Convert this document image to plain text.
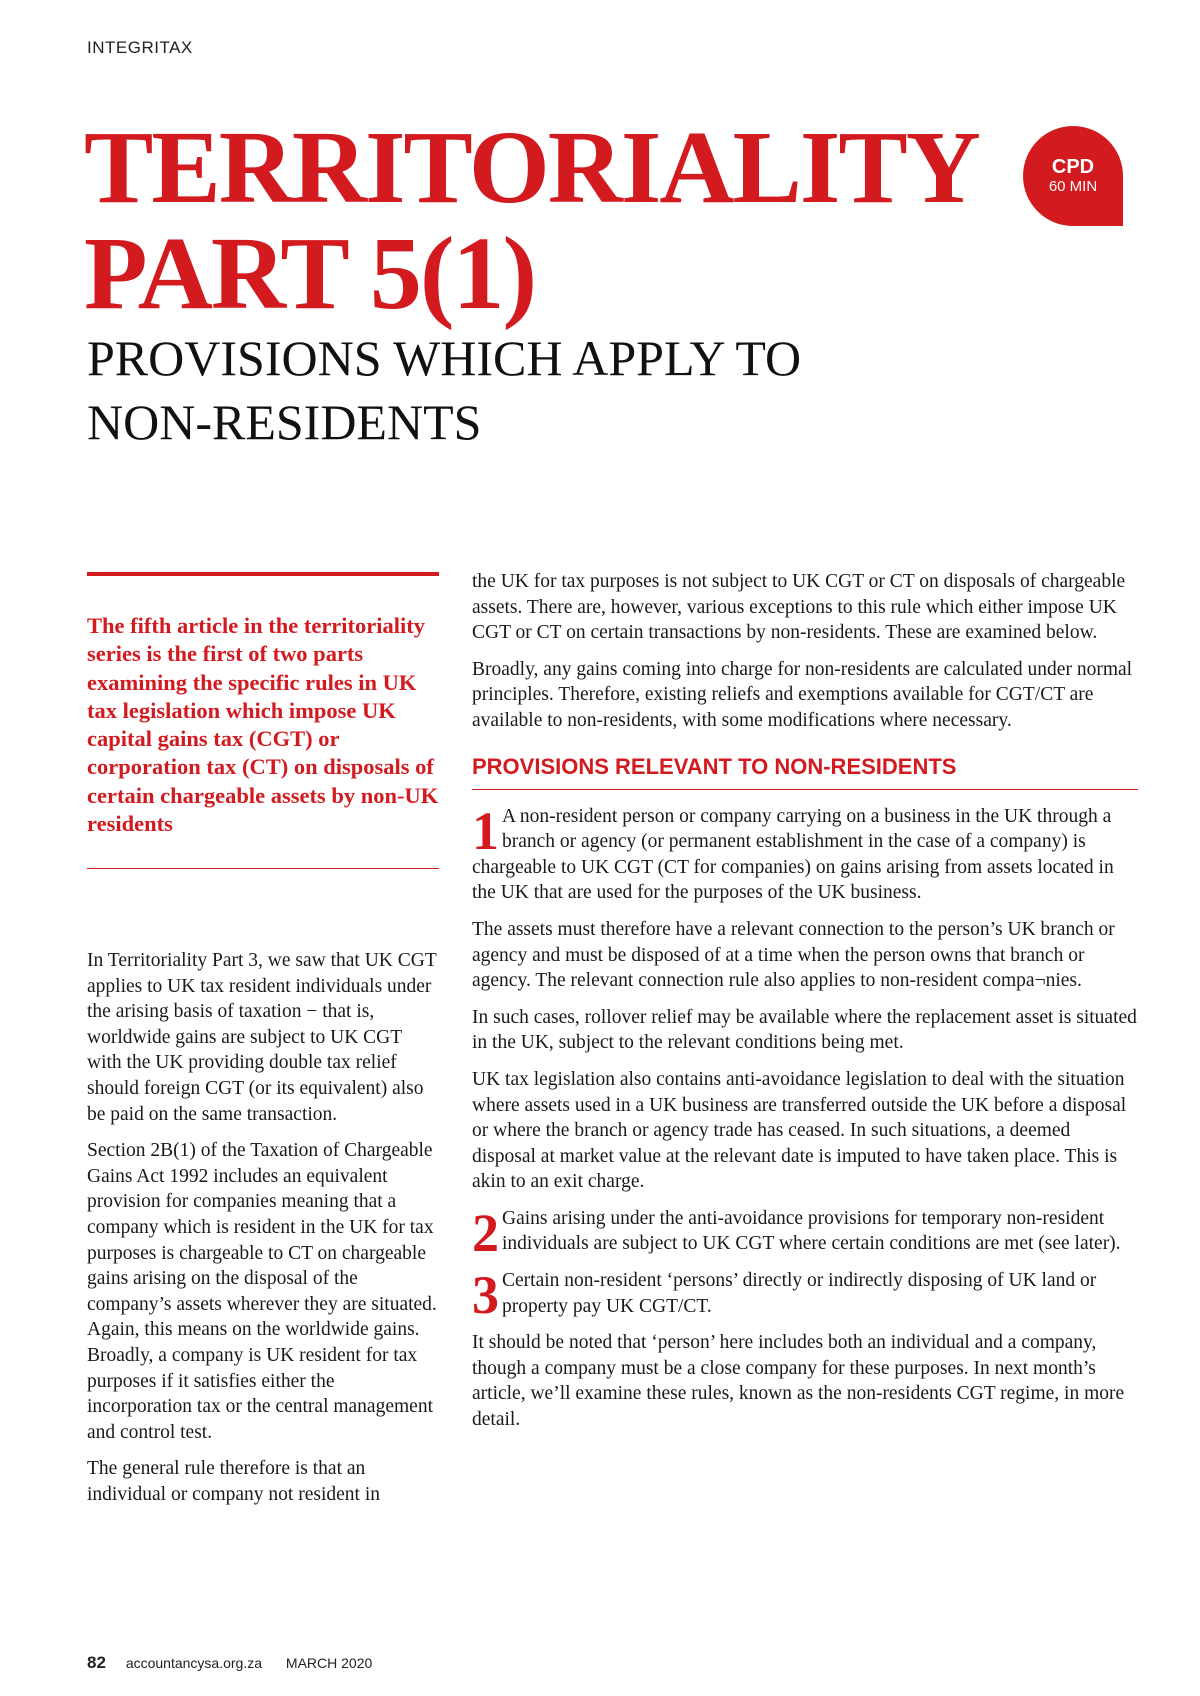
INTEGRITAX
TERRITORIALITY
PART 5(1)
CPD
60 MIN
PROVISIONS WHICH APPLY TO
NON-RESIDENTS
The fifth article in the territoriality series is the first of two parts examining the specific rules in UK tax legislation which impose UK capital gains tax (CGT) or corporation tax (CT) on disposals of certain chargeable assets by non-UK residents

In Territoriality Part 3, we saw that UK CGT applies to UK tax resident individuals under the arising basis of taxation − that is, worldwide gains are subject to UK CGT with the UK providing double tax relief should foreign CGT (or its equivalent) also be paid on the same transaction.

Section 2B(1) of the Taxation of Chargeable Gains Act 1992 includes an equivalent provision for companies meaning that a company which is resident in the UK for tax purposes is chargeable to CT on chargeable gains arising on the disposal of the company’s assets wherever they are situated. Again, this means on the worldwide gains. Broadly, a company is UK resident for tax purposes if it satisfies either the incorporation tax or the central management and control test.

The general rule therefore is that an individual or company not resident in

the UK for tax purposes is not subject to UK CGT or CT on disposals of chargeable assets. There are, however, various exceptions to this rule which either impose UK CGT or CT on certain transactions by non-residents. These are examined below.

Broadly, any gains coming into charge for non-residents are calculated under normal principles. Therefore, existing reliefs and exemptions available for CGT/CT are available to non-residents, with some modifications where necessary.

PROVISIONS RELEVANT TO NON-RESIDENTS

1 A non-resident person or company carrying on a business in the UK through a branch or agency (or permanent establishment in the case of a company) is chargeable to UK CGT (CT for companies) on gains arising from assets located in the UK that are used for the purposes of the UK business.

The assets must therefore have a relevant connection to the person’s UK branch or agency and must be disposed of at a time when the person owns that branch or agency. The relevant connection rule also applies to non-resident compa¬nies.

In such cases, rollover relief may be available where the replacement asset is situated in the UK, subject to the relevant conditions being met.

UK tax legislation also contains anti-avoidance legislation to deal with the situation where assets used in a UK business are transferred outside the UK before a disposal or where the branch or agency trade has ceased. In such situations, a deemed disposal at market value at the relevant date is imputed to have taken place. This is akin to an exit charge.

2 Gains arising under the anti-avoidance provisions for temporary non-resident individuals are subject to UK CGT where certain conditions are met (see later).

3 Certain non-resident ‘persons’ directly or indirectly disposing of UK land or property pay UK CGT/CT.

It should be noted that ‘person’ here includes both an individual and a company, though a company must be a close company for these purposes. In next month’s article, we’ll examine these rules, known as the non-residents CGT regime, in more detail.

82 accountancysa.org.za MARCH 2020
